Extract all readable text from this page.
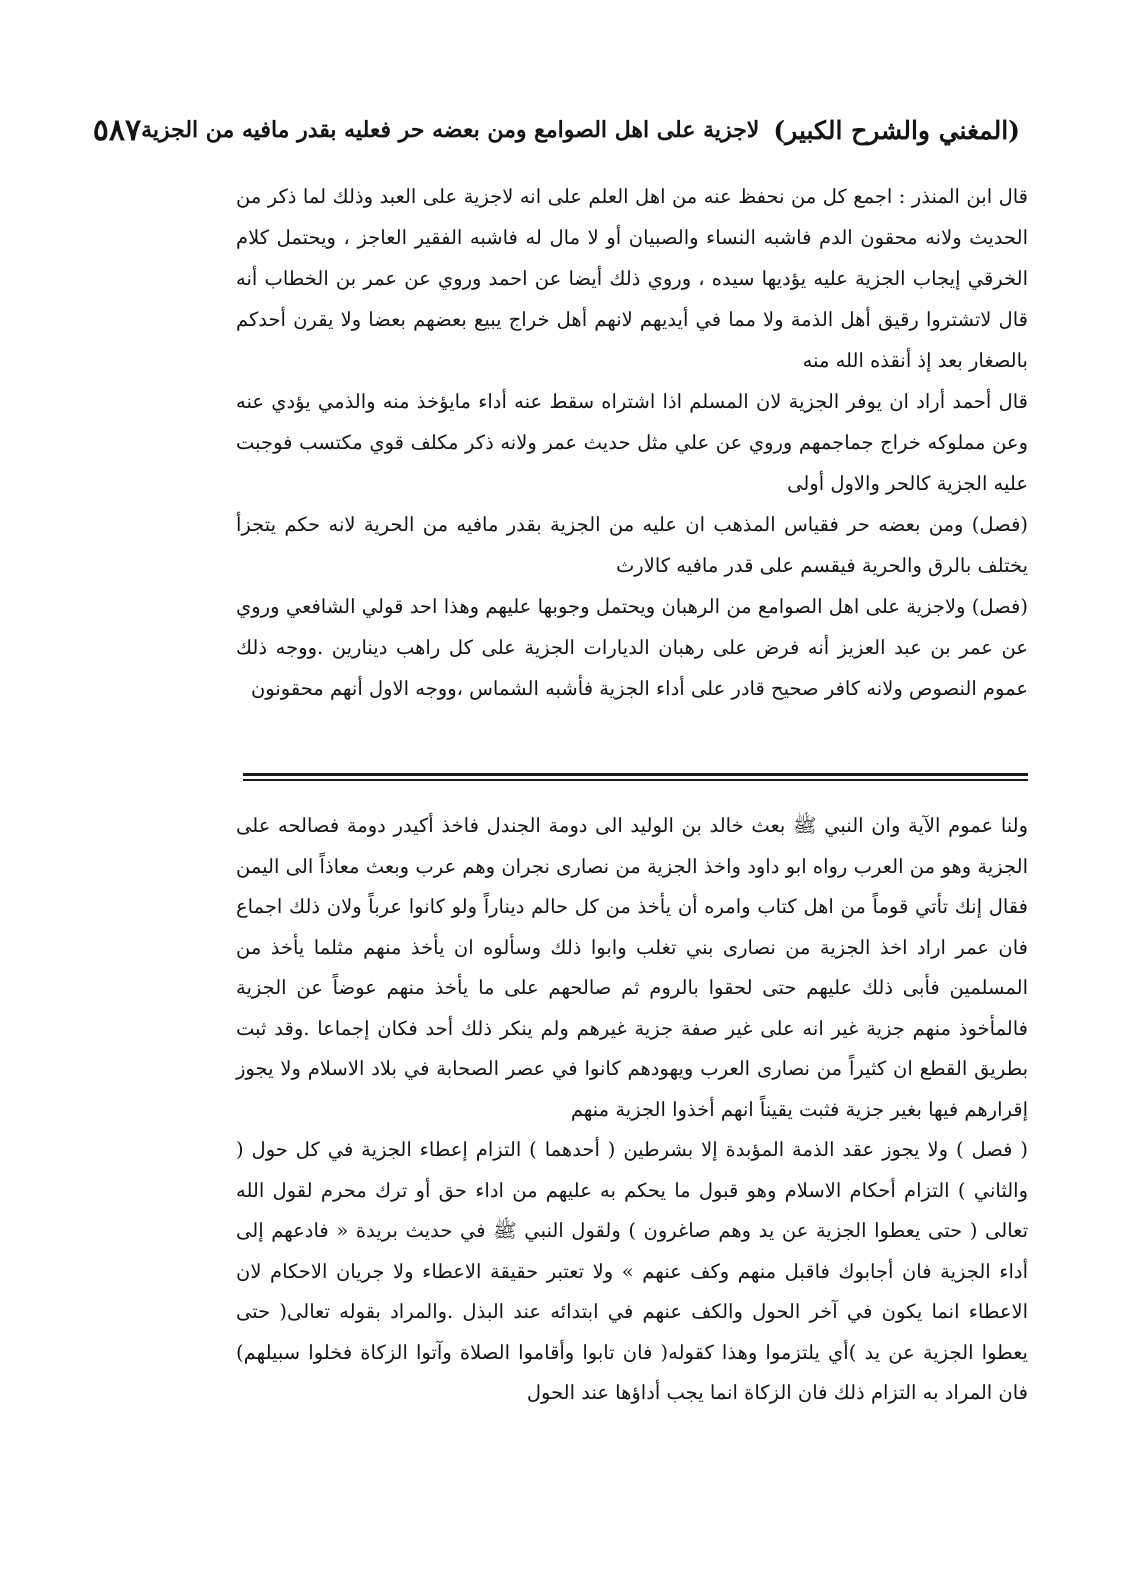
(المغني والشرح الكبير)
لاجزية على اهل الصوامع ومن بعضه حر فعليه بقدر مافيه من الجزية
٥٨٧

قال ابن المنذر : اجمع كل من نحفظ عنه من اهل العلم على انه لاجزية على العبد وذلك لما ذكر من الحديث ولانه محقون الدم فاشبه النساء والصبيان أو لا مال له فاشبه الفقير العاجز ، ويحتمل كلام الخرقي إيجاب الجزية عليه يؤديها سيده ، وروي ذلك أيضا عن احمد وروي عن عمر بن الخطاب أنه قال لاتشتروا رقيق أهل الذمة ولا مما في أيديهم لانهم أهل خراج يبيع بعضهم بعضا ولا يقرن أحدكم بالصغار بعد إذ أنقذه الله منه

قال أحمد أراد ان يوفر الجزية لان المسلم اذا اشتراه سقط عنه أداء مايؤخذ منه والذمي يؤدي عنه وعن مملوكه خراج جماجمهم وروي عن علي مثل حديث عمر ولانه ذكر مكلف قوي مكتسب فوجبت عليه الجزية كالحر والاول أولى

(فصل) ومن بعضه حر فقياس المذهب ان عليه من الجزية بقدر مافيه من الحرية لانه حكم يتجزأ يختلف بالرق والحرية فيقسم على قدر مافيه كالارث

(فصل) ولاجزية على اهل الصوامع من الرهبان ويحتمل وجوبها عليهم وهذا احد قولي الشافعي وروي عن عمر بن عبد العزيز أنه فرض على رهبان الديارات الجزية على كل راهب دينارين .ووجه ذلك عموم النصوص ولانه كافر صحيح قادر على أداء الجزية فأشبه الشماس ،ووجه الاول أنهم محقونون

ولنا عموم الآية وان النبي ﷺ بعث خالد بن الوليد الى دومة الجندل فاخذ أكيدر دومة فصالحه على الجزية وهو من العرب رواه ابو داود واخذ الجزية من نصارى نجران وهم عرب وبعث معاذاً الى اليمن فقال إنك تأتي قوماً من اهل كتاب وامره أن يأخذ من كل حالم ديناراً ولو كانوا عرباً ولان ذلك اجماع فان عمر اراد اخذ الجزية من نصارى بني تغلب وابوا ذلك وسألوه ان يأخذ منهم مثلما يأخذ من المسلمين فأبى ذلك عليهم حتى لحقوا بالروم ثم صالحهم على ما يأخذ منهم عوضاً عن الجزية فالمأخوذ منهم جزية غير انه على غير صفة جزية غيرهم ولم ينكر ذلك أحد فكان إجماعا .وقد ثبت بطريق القطع ان كثيراً من نصارى العرب ويهودهم كانوا في عصر الصحابة في بلاد الاسلام ولا يجوز إقرارهم فيها بغير جزية فثبت يقيناً انهم أخذوا الجزية منهم

( فصل ) ولا يجوز عقد الذمة المؤبدة إلا بشرطين ( أحدهما ) التزام إعطاء الجزية في كل حول ( والثاني ) التزام أحكام الاسلام وهو قبول ما يحكم به عليهم من اداء حق أو ترك محرم لقول الله تعالى ( حتى يعطوا الجزية عن يد وهم صاغرون ) ولقول النبي ﷺ في حديث بريدة « فادعهم إلى أداء الجزية فان أجابوك فاقبل منهم وكف عنهم » ولا تعتبر حقيقة الاعطاء ولا جريان الاحكام لان الاعطاء انما يكون في آخر الحول والكف عنهم في ابتدائه عند البذل .والمراد بقوله تعالى( حتى يعطوا الجزية عن يد )أي يلتزموا وهذا كقوله( فان تابوا وأقاموا الصلاة وآتوا الزكاة فخلوا سبيلهم) فان المراد به التزام ذلك فان الزكاة انما يجب أداؤها عند الحول
